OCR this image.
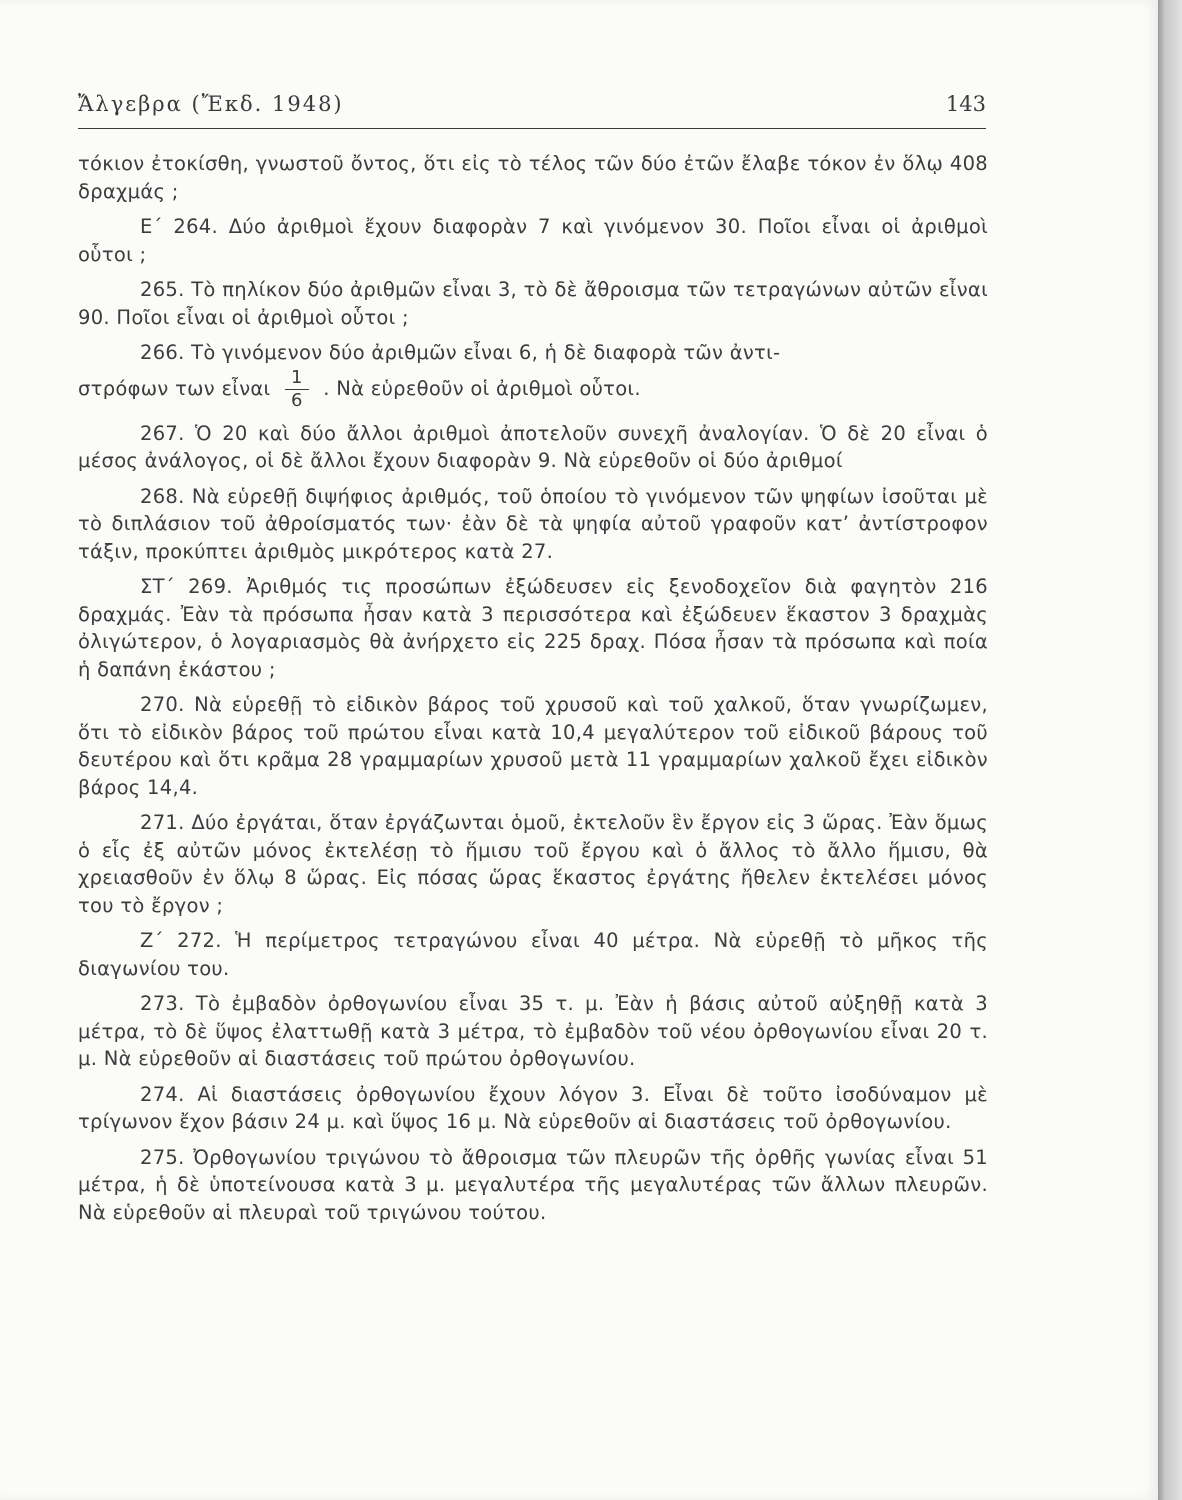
Ἄλγεβρα (Ἔκδ. 1948)	143

τόκιον ἐτοκίσθη, γνωστοῦ ὄντος, ὅτι εἰς τὸ τέλος τῶν δύο ἐτῶν ἔλαβε τόκον ἐν ὅλῳ 408 δραχμάς ;

Ε΄ 264. Δύο ἀριθμοὶ ἔχουν διαφορὰν 7 καὶ γινόμενον 30. Ποῖοι εἶναι οἱ ἀριθμοὶ οὗτοι ;

265. Τὸ πηλίκον δύο ἀριθμῶν εἶναι 3, τὸ δὲ ἄθροισμα τῶν τετραγώνων αὐτῶν εἶναι 90. Ποῖοι εἶναι οἱ ἀριθμοὶ οὗτοι ;

266. Τὸ γινόμενον δύο ἀριθμῶν εἶναι 6, ἡ δὲ διαφορὰ τῶν ἀντι-

στρόφων των εἶναι $\frac{1}{6}$ . Νὰ εὑρεθοῦν οἱ ἀριθμοὶ οὗτοι.

267. Ὁ 20 καὶ δύο ἄλλοι ἀριθμοὶ ἀποτελοῦν συνεχῆ ἀναλογίαν. Ὁ δὲ 20 εἶναι ὁ μέσος ἀνάλογος, οἱ δὲ ἄλλοι ἔχουν διαφορὰν 9. Νὰ εὑρεθοῦν οἱ δύο ἀριθμοί

268. Νὰ εὑρεθῇ διψήφιος ἀριθμός, τοῦ ὁποίου τὸ γινόμενον τῶν ψηφίων ἰσοῦται μὲ τὸ διπλάσιον τοῦ ἀθροίσματός των· ἐὰν δὲ τὰ ψηφία αὐτοῦ γραφοῦν κατ’ ἀντίστροφον τάξιν, προκύπτει ἀριθμὸς μικρότερος κατὰ 27.

ΣΤ΄ 269. Ἀριθμός τις προσώπων ἐξώδευσεν εἰς ξενοδοχεῖον διὰ φαγητὸν 216 δραχμάς. Ἐὰν τὰ πρόσωπα ἦσαν κατὰ 3 περισσότερα καὶ ἐξώδευεν ἕκαστον 3 δραχμὰς ὀλιγώτερον, ὁ λογαριασμὸς θὰ ἀνήρχετο εἰς 225 δραχ. Πόσα ἦσαν τὰ πρόσωπα καὶ ποία ἡ δαπάνη ἑκάστου ;

270. Νὰ εὑρεθῇ τὸ εἰδικὸν βάρος τοῦ χρυσοῦ καὶ τοῦ χαλκοῦ, ὅταν γνωρίζωμεν, ὅτι τὸ εἰδικὸν βάρος τοῦ πρώτου εἶναι κατὰ 10,4 μεγαλύτερον τοῦ εἰδικοῦ βάρους τοῦ δευτέρου καὶ ὅτι κρᾶμα 28 γραμμαρίων χρυσοῦ μετὰ 11 γραμμαρίων χαλκοῦ ἔχει εἰδικὸν βάρος 14,4.

271. Δύο ἐργάται, ὅταν ἐργάζωνται ὁμοῦ, ἐκτελοῦν ἓν ἔργον εἰς 3 ὥρας. Ἐὰν ὅμως ὁ εἷς ἐξ αὐτῶν μόνος ἐκτελέσῃ τὸ ἥμισυ τοῦ ἔργου καὶ ὁ ἄλλος τὸ ἄλλο ἥμισυ, θὰ χρειασθοῦν ἐν ὅλῳ 8 ὥρας. Εἰς πόσας ὥρας ἕκαστος ἐργάτης ἤθελεν ἐκτελέσει μόνος του τὸ ἔργον ;

Ζ΄ 272. Ἡ περίμετρος τετραγώνου εἶναι 40 μέτρα. Νὰ εὑρεθῇ τὸ μῆκος τῆς διαγωνίου του.

273. Τὸ ἐμβαδὸν ὀρθογωνίου εἶναι 35 τ. μ. Ἐὰν ἡ βάσις αὐτοῦ αὐξηθῇ κατὰ 3 μέτρα, τὸ δὲ ὕψος ἐλαττωθῇ κατὰ 3 μέτρα, τὸ ἐμβαδὸν τοῦ νέου ὀρθογωνίου εἶναι 20 τ. μ. Νὰ εὑρεθοῦν αἱ διαστάσεις τοῦ πρώτου ὀρθογωνίου.

274. Αἱ διαστάσεις ὀρθογωνίου ἔχουν λόγον 3. Εἶναι δὲ τοῦτο ἰσοδύναμον μὲ τρίγωνον ἔχον βάσιν 24 μ. καὶ ὕψος 16 μ. Νὰ εὑρεθοῦν αἱ διαστάσεις τοῦ ὀρθογωνίου.

275. Ὀρθογωνίου τριγώνου τὸ ἄθροισμα τῶν πλευρῶν τῆς ὀρθῆς γωνίας εἶναι 51 μέτρα, ἡ δὲ ὑποτείνουσα κατὰ 3 μ. μεγαλυτέρα τῆς μεγαλυτέρας τῶν ἄλλων πλευρῶν. Νὰ εὑρεθοῦν αἱ πλευραὶ τοῦ τριγώνου τούτου.
